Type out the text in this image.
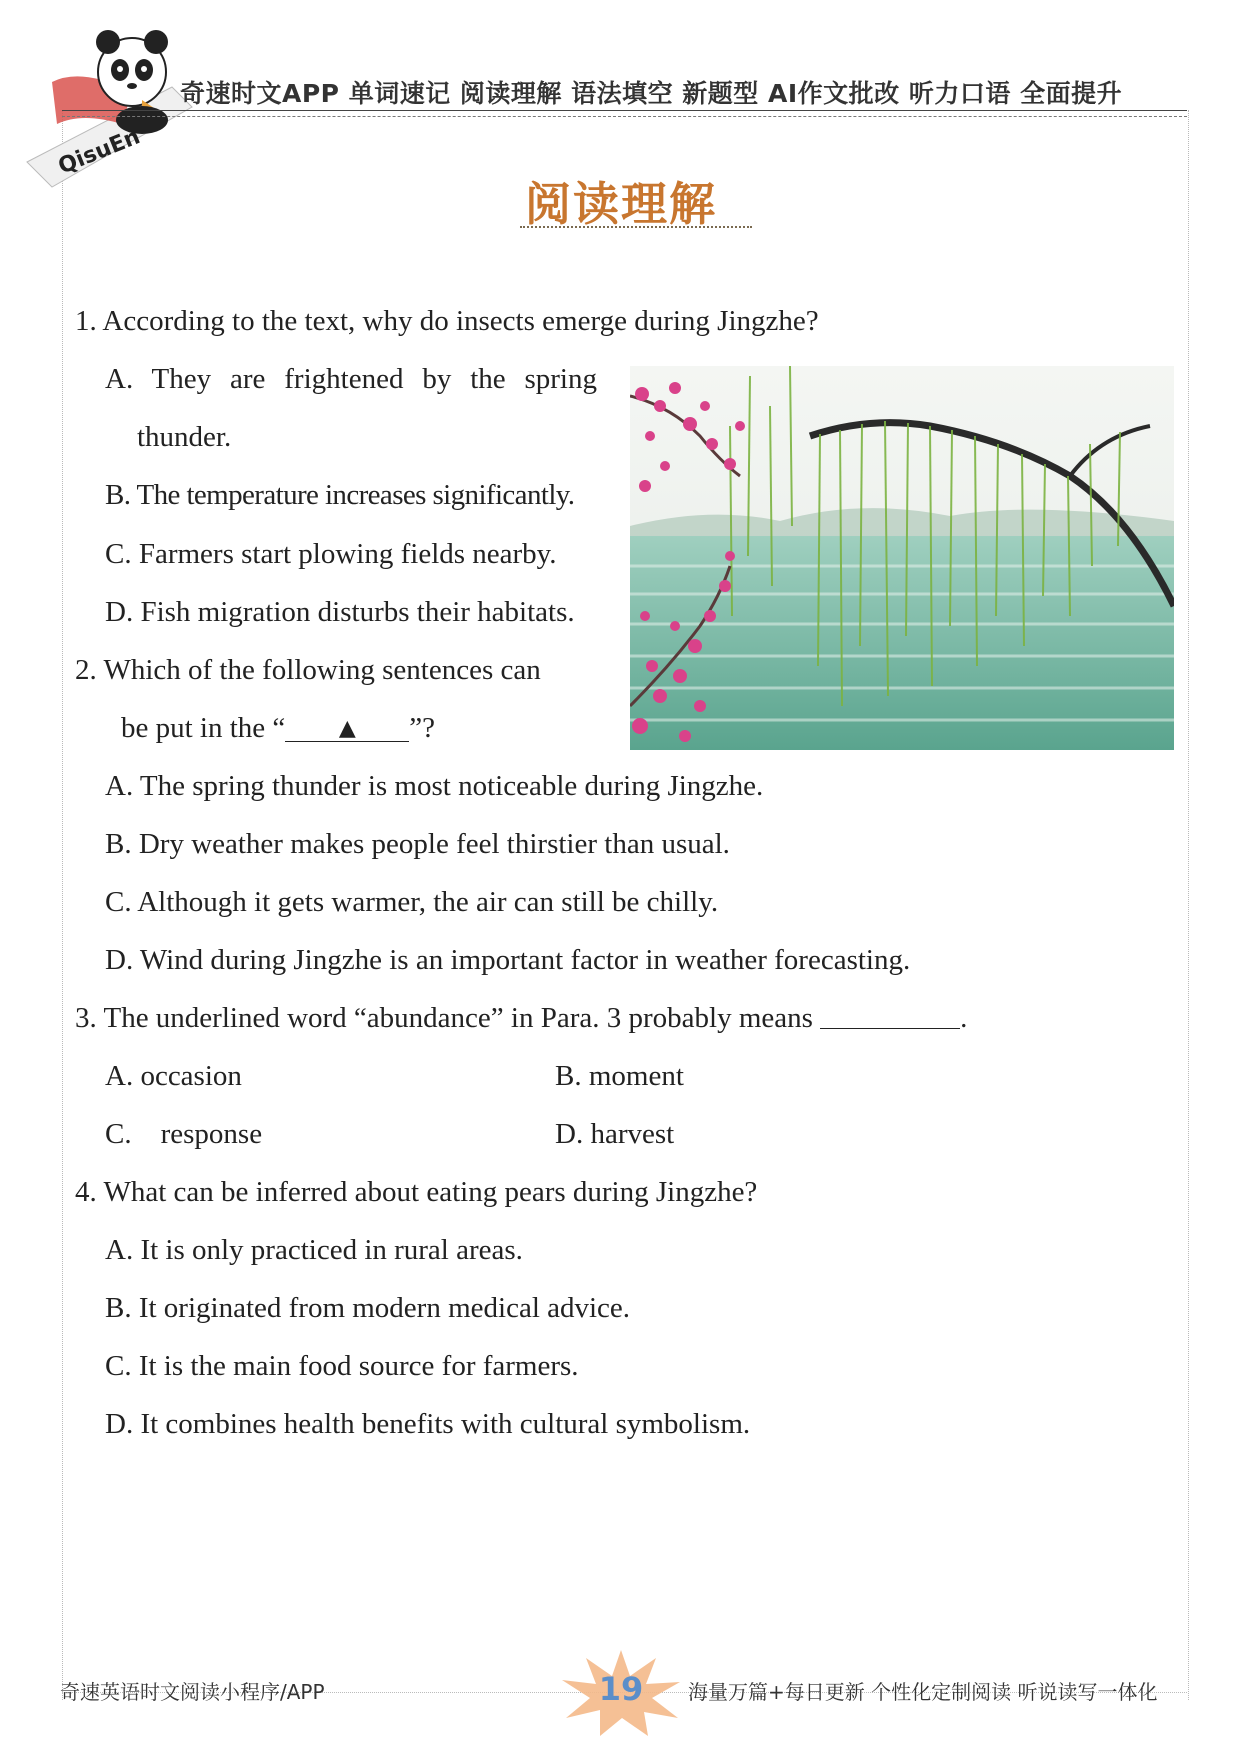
QisuEn
奇速时文APP 单词速记 阅读理解 语法填空 新题型 AI作文批改 听力口语 全面提升
阅读理解
1. According to the text, why do insects emerge during Jingzhe?
A. They are frightened by the spring
thunder.
B. The temperature increases significantly.
C. Farmers start plowing fields nearby.
D. Fish migration disturbs their habitats.
2. Which of the following sentences can
be put in the “ ▲ ”?
A. The spring thunder is most noticeable during Jingzhe.
B. Dry weather makes people feel thirstier than usual.
C. Although it gets warmer, the air can still be chilly.
D. Wind during Jingzhe is an important factor in weather forecasting.
3. The underlined word “abundance” in Para. 3 probably means	.
A. occasion	B. moment
C.    response	D. harvest
4. What can be inferred about eating pears during Jingzhe?
A. It is only practiced in rural areas.
B. It originated from modern medical advice.
C. It is the main food source for farmers.
D. It combines health benefits with cultural symbolism.
奇速英语时文阅读小程序/APP	19	海量万篇+每日更新 个性化定制阅读 听说读写一体化
